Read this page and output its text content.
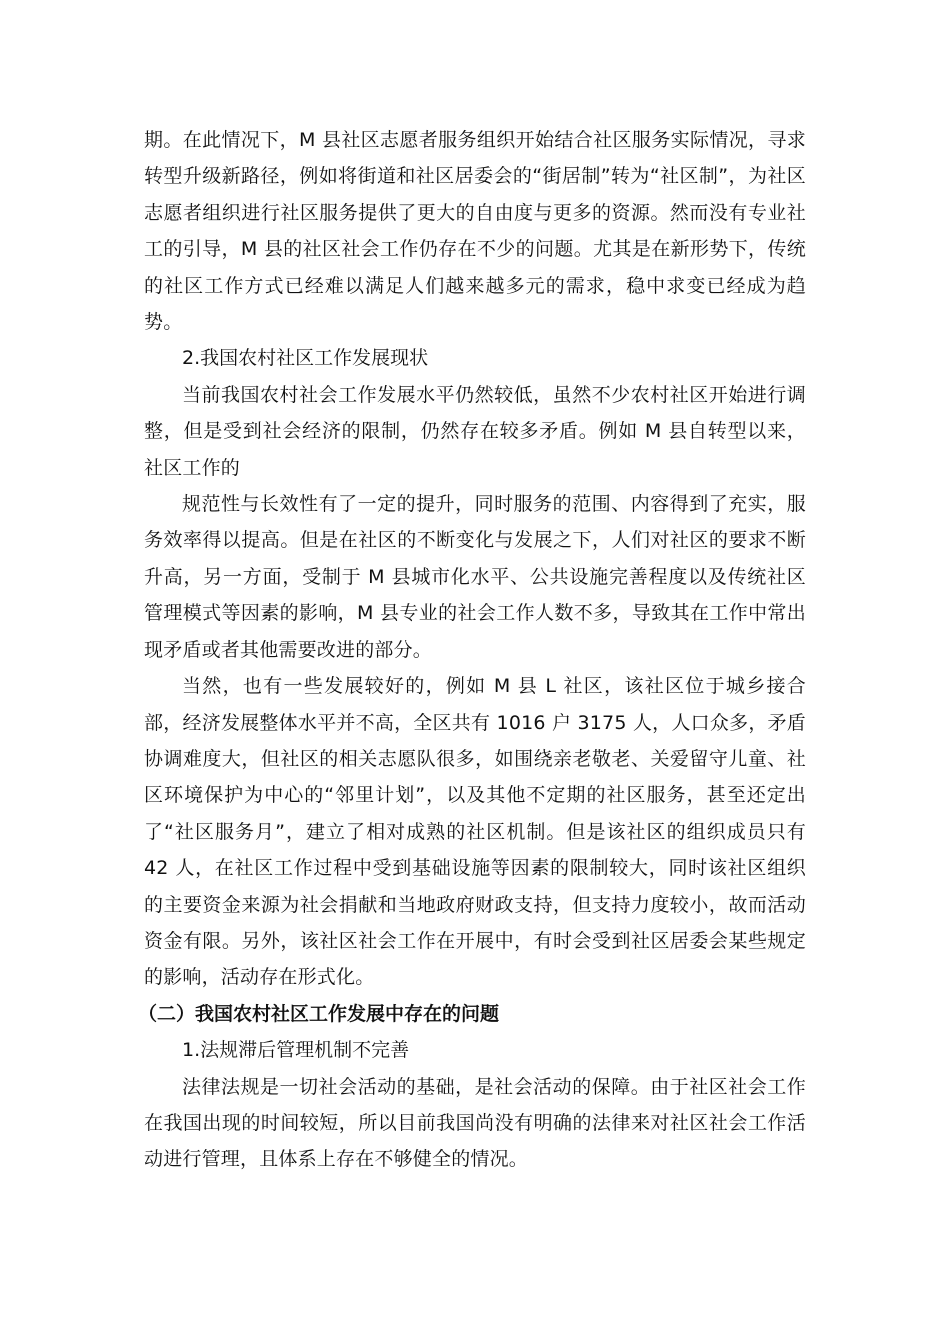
期。在此情况下，M 县社区志愿者服务组织开始结合社区服务实际情况，寻求转型升级新路径，例如将街道和社区居委会的“街居制”转为“社区制”，为社区志愿者组织进行社区服务提供了更大的自由度与更多的资源。然而没有专业社工的引导，M 县的社区社会工作仍存在不少的问题。尤其是在新形势下，传统的社区工作方式已经难以满足人们越来越多元的需求，稳中求变已经成为趋势。

2.我国农村社区工作发展现状

当前我国农村社会工作发展水平仍然较低，虽然不少农村社区开始进行调整，但是受到社会经济的限制，仍然存在较多矛盾。例如 M 县自转型以来，社区工作的

规范性与长效性有了一定的提升，同时服务的范围、内容得到了充实，服务效率得以提高。但是在社区的不断变化与发展之下，人们对社区的要求不断升高，另一方面，受制于 M 县城市化水平、公共设施完善程度以及传统社区管理模式等因素的影响，M 县专业的社会工作人数不多，导致其在工作中常出现矛盾或者其他需要改进的部分。

当然，也有一些发展较好的，例如 M 县 L 社区，该社区位于城乡接合部，经济发展整体水平并不高，全区共有 1016 户 3175 人，人口众多，矛盾协调难度大，但社区的相关志愿队很多，如围绕亲老敬老、关爱留守儿童、社区环境保护为中心的“邻里计划”，以及其他不定期的社区服务，甚至还定出了“社区服务月”，建立了相对成熟的社区机制。但是该社区的组织成员只有 42 人，在社区工作过程中受到基础设施等因素的限制较大，同时该社区组织的主要资金来源为社会捐献和当地政府财政支持，但支持力度较小，故而活动资金有限。另外，该社区社会工作在开展中，有时会受到社区居委会某些规定的影响，活动存在形式化。

（二）我国农村社区工作发展中存在的问题

1.法规滞后管理机制不完善

法律法规是一切社会活动的基础，是社会活动的保障。由于社区社会工作在我国出现的时间较短，所以目前我国尚没有明确的法律来对社区社会工作活动进行管理，且体系上存在不够健全的情况。
